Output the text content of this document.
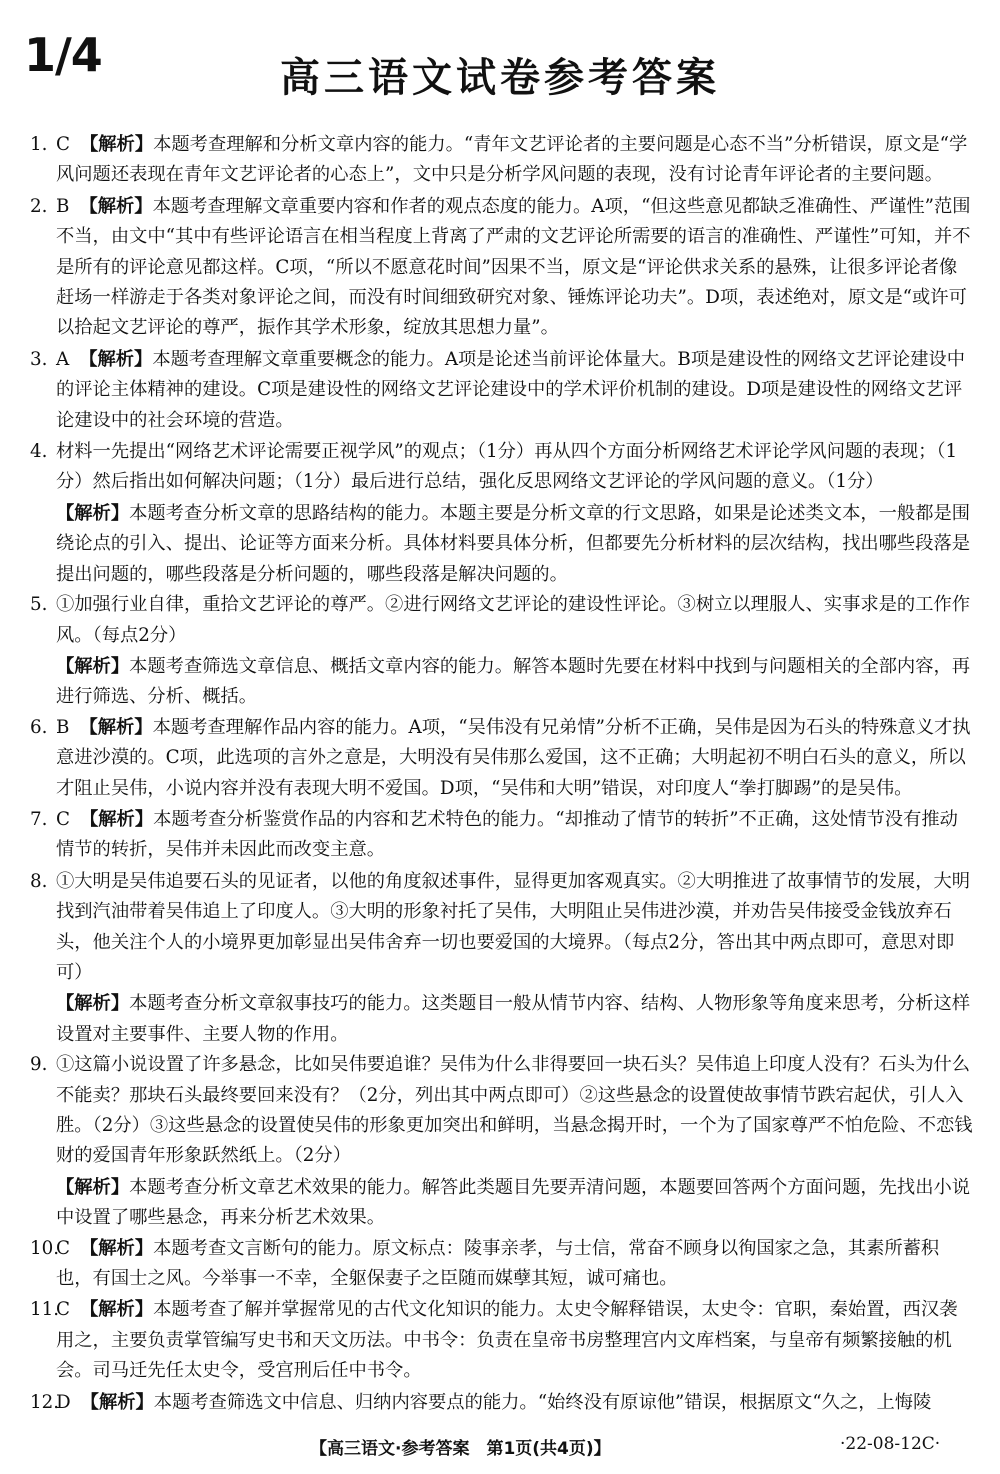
1/4	高三语文试卷参考答案
1. C 【解析】本题考查理解和分析文章内容的能力。“青年文艺评论者的主要问题是心态不当”分析错误，原文是“学风问题还表现在青年文艺评论者的心态上”，文中只是分析学风问题的表现，没有讨论青年评论者的主要问题。
2. B 【解析】本题考查理解文章重要内容和作者的观点态度的能力。A项，“但这些意见都缺乏准确性、严谨性”范围不当，由文中“其中有些评论语言在相当程度上背离了严肃的文艺评论所需要的语言的准确性、严谨性”可知，并不是所有的评论意见都这样。C项，“所以不愿意花时间”因果不当，原文是“评论供求关系的悬殊，让很多评论者像赶场一样游走于各类对象评论之间，而没有时间细致研究对象、锤炼评论功夫”。D项，表述绝对，原文是“或许可以拾起文艺评论的尊严，振作其学术形象，绽放其思想力量”。
3. A 【解析】本题考查理解文章重要概念的能力。A项是论述当前评论体量大。B项是建设性的网络文艺评论建设中的评论主体精神的建设。C项是建设性的网络文艺评论建设中的学术评价机制的建设。D项是建设性的网络文艺评论建设中的社会环境的营造。
4. 材料一先提出“网络艺术评论需要正视学风”的观点；（1分）再从四个方面分析网络艺术评论学风问题的表现；（1分）然后指出如何解决问题；（1分）最后进行总结，强化反思网络文艺评论的学风问题的意义。（1分）
【解析】本题考查分析文章的思路结构的能力。本题主要是分析文章的行文思路，如果是论述类文本，一般都是围绕论点的引入、提出、论证等方面来分析。具体材料要具体分析，但都要先分析材料的层次结构，找出哪些段落是提出问题的，哪些段落是分析问题的，哪些段落是解决问题的。
5. ①加强行业自律，重拾文艺评论的尊严。②进行网络文艺评论的建设性评论。③树立以理服人、实事求是的工作作风。（每点2分）
【解析】本题考查筛选文章信息、概括文章内容的能力。解答本题时先要在材料中找到与问题相关的全部内容，再进行筛选、分析、概括。
6. B 【解析】本题考查理解作品内容的能力。A项，“吴伟没有兄弟情”分析不正确，吴伟是因为石头的特殊意义才执意进沙漠的。C项，此选项的言外之意是，大明没有吴伟那么爱国，这不正确；大明起初不明白石头的意义，所以才阻止吴伟，小说内容并没有表现大明不爱国。D项，“吴伟和大明”错误，对印度人“拳打脚踢”的是吴伟。
7. C 【解析】本题考查分析鉴赏作品的内容和艺术特色的能力。“却推动了情节的转折”不正确，这处情节没有推动情节的转折，吴伟并未因此而改变主意。
8. ①大明是吴伟追要石头的见证者，以他的角度叙述事件，显得更加客观真实。②大明推进了故事情节的发展，大明找到汽油带着吴伟追上了印度人。③大明的形象衬托了吴伟，大明阻止吴伟进沙漠，并劝告吴伟接受金钱放弃石头，他关注个人的小境界更加彰显出吴伟舍弃一切也要爱国的大境界。（每点2分，答出其中两点即可，意思对即可）
【解析】本题考查分析文章叙事技巧的能力。这类题目一般从情节内容、结构、人物形象等角度来思考，分析这样设置对主要事件、主要人物的作用。
9. ①这篇小说设置了许多悬念，比如吴伟要追谁？吴伟为什么非得要回一块石头？吴伟追上印度人没有？石头为什么不能卖？那块石头最终要回来没有？（2分，列出其中两点即可）②这些悬念的设置使故事情节跌宕起伏，引人入胜。（2分）③这些悬念的设置使吴伟的形象更加突出和鲜明，当悬念揭开时，一个为了国家尊严不怕危险、不恋钱财的爱国青年形象跃然纸上。（2分）
【解析】本题考查分析文章艺术效果的能力。解答此类题目先要弄清问题，本题要回答两个方面问题，先找出小说中设置了哪些悬念，再来分析艺术效果。
10.
C 【解析】本题考查文言断句的能力。原文标点：陵事亲孝，与士信，常奋不顾身以徇国家之急，其素所蓄积也，有国士之风。今举事一不幸，全躯保妻子之臣随而媒孽其短，诚可痛也。
11.
C 【解析】本题考查了解并掌握常见的古代文化知识的能力。太史令解释错误，太史令：官职，秦始置，西汉袭用之，主要负责掌管编写史书和天文历法。中书令：负责在皇帝书房整理宫内文库档案，与皇帝有频繁接触的机会。司马迁先任太史令，受宫刑后任中书令。
12.
D 【解析】本题考查筛选文中信息、归纳内容要点的能力。“始终没有原谅他”错误，根据原文“久之，上悔陵
【高三语文·参考答案　第1页(共4页)】	·22-08-12C·
